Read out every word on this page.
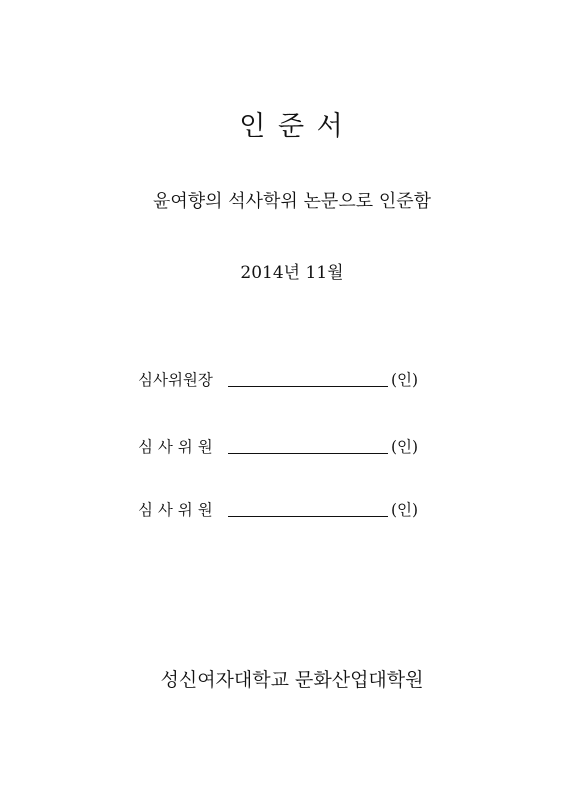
인 준 서
윤여향의 석사학위 논문으로 인준함
2014년 11월
심사위원장	(인)
심 사 위 원	(인)
심 사 위 원	(인)
성신여자대학교 문화산업대학원
